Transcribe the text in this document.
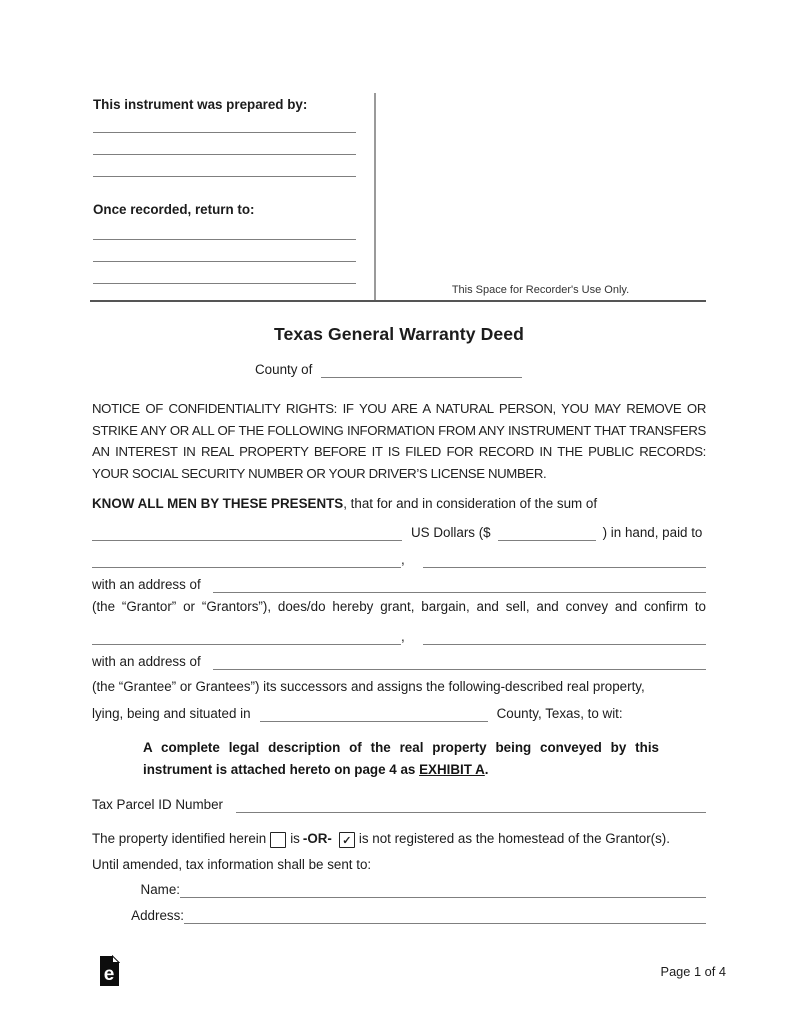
This instrument was prepared by:
Once recorded, return to:
This Space for Recorder's Use Only.
Texas General Warranty Deed
County of
NOTICE OF CONFIDENTIALITY RIGHTS: IF YOU ARE A NATURAL PERSON, YOU MAY REMOVE OR STRIKE ANY OR ALL OF THE FOLLOWING INFORMATION FROM ANY INSTRUMENT THAT TRANSFERS AN INTEREST IN REAL PROPERTY BEFORE IT IS FILED FOR RECORD IN THE PUBLIC RECORDS: YOUR SOCIAL SECURITY NUMBER OR YOUR DRIVER’S LICENSE NUMBER.
KNOW ALL MEN BY THESE PRESENTS, that for and in consideration of the sum of
US Dollars ($	) in hand, paid to
,
with an address of
(the “Grantor” or “Grantors”), does/do hereby grant, bargain, and sell, and convey and confirm to
,
with an address of
(the “Grantee” or Grantees”) its successors and assigns the following-described real property,
lying, being and situated in	County, Texas, to wit:
A complete legal description of the real property being conveyed by this instrument is attached hereto on page 4 as EXHIBIT A.
Tax Parcel ID Number
The property identified herein is -OR- ✓ is not registered as the homestead of the Grantor(s).
Until amended, tax information shall be sent to:
Name:
Address:
e	Page 1 of 4
